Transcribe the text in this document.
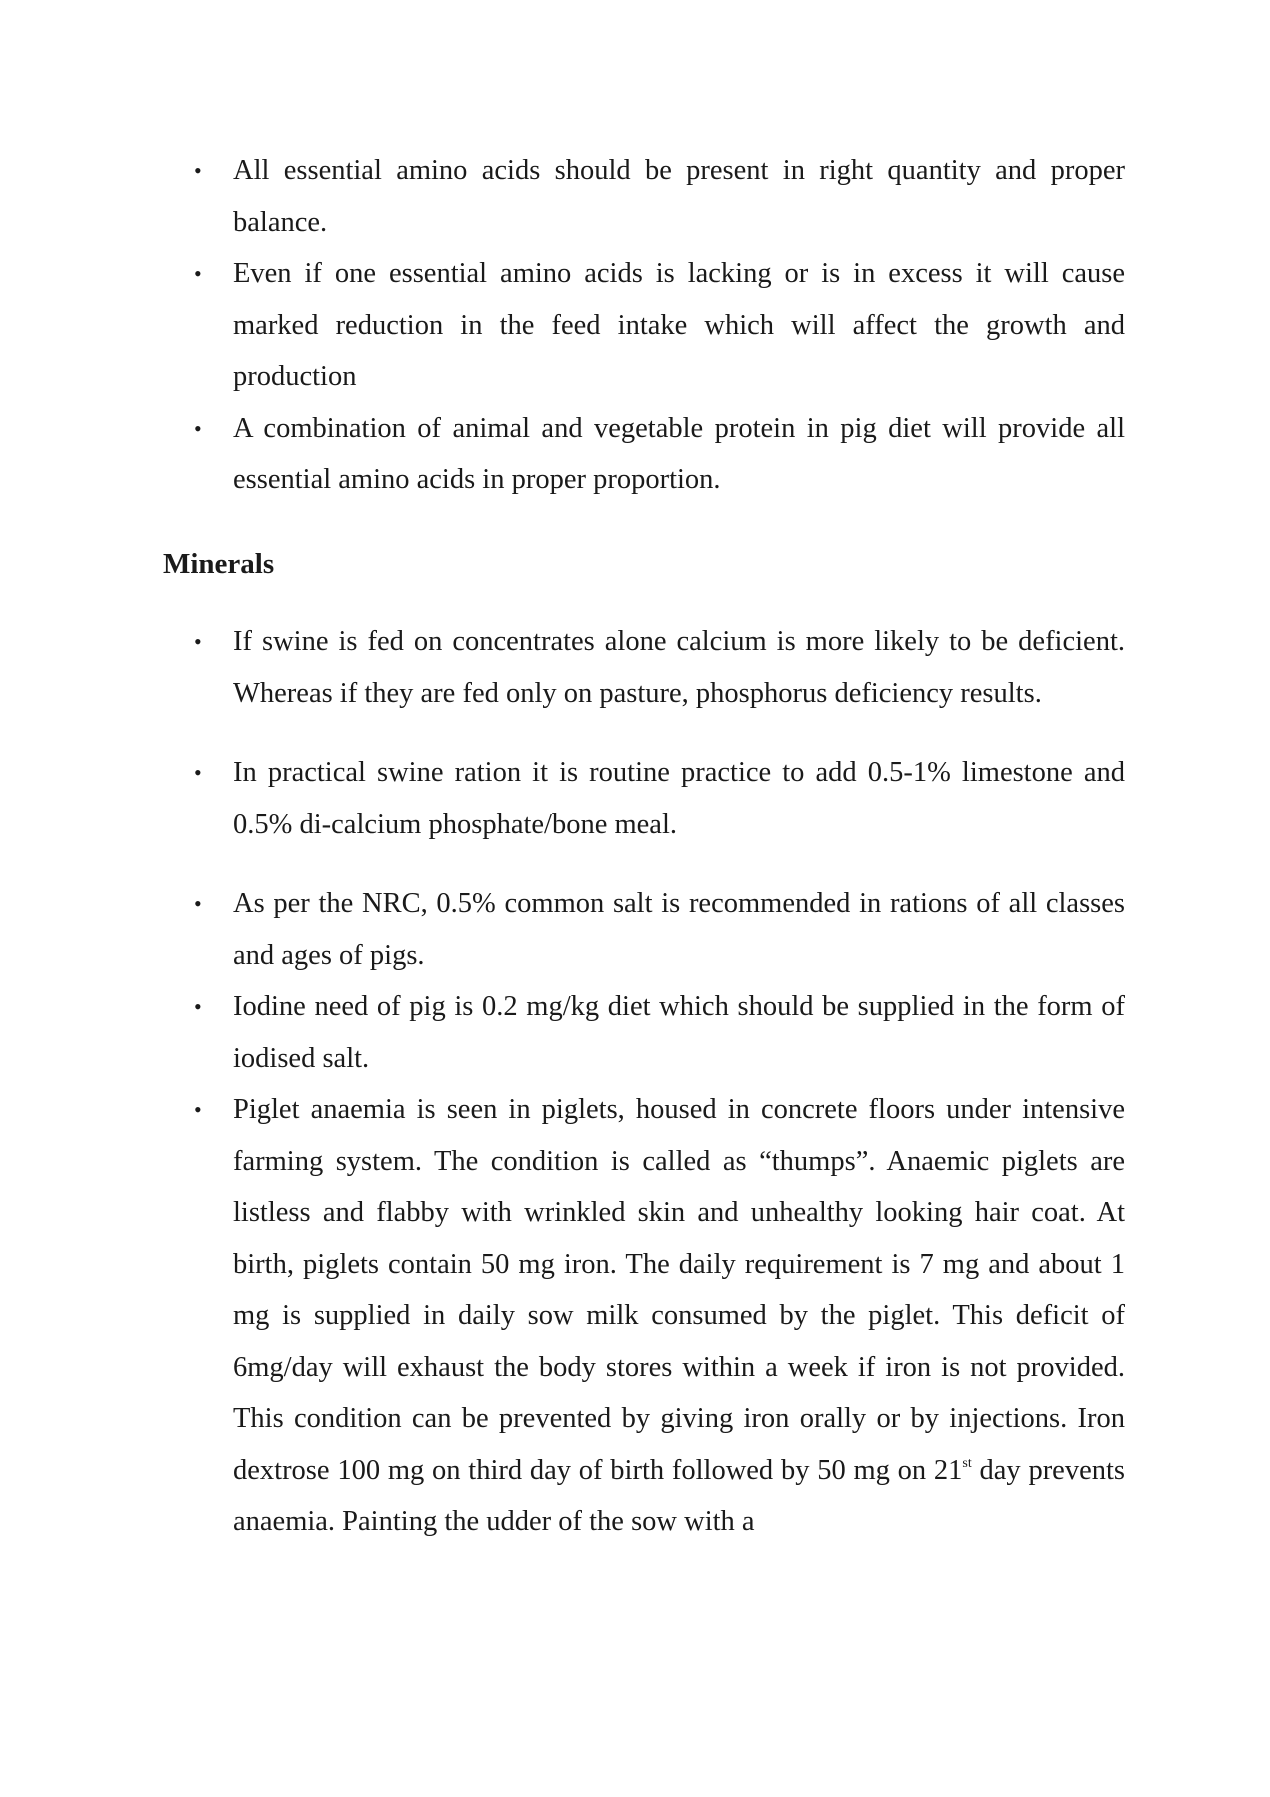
• All essential amino acids should be present in right quantity and proper balance.
• Even if one essential amino acids is lacking or is in excess it will cause marked reduction in the feed intake which will affect the growth and production
• A combination of animal and vegetable protein in pig diet will provide all essential amino acids in proper proportion.
Minerals
• If swine is fed on concentrates alone calcium is more likely to be deficient. Whereas if they are fed only on pasture, phosphorus deficiency results.
• In practical swine ration it is routine practice to add 0.5-1% limestone and 0.5% di-calcium phosphate/bone meal.
• As per the NRC, 0.5% common salt is recommended in rations of all classes and ages of pigs.
• Iodine need of pig is 0.2 mg/kg diet which should be supplied in the form of iodised salt.
• Piglet anaemia is seen in piglets, housed in concrete floors under intensive farming system. The condition is called as “thumps”. Anaemic piglets are listless and flabby with wrinkled skin and unhealthy looking hair coat. At birth, piglets contain 50 mg iron. The daily requirement is 7 mg and about 1 mg is supplied in daily sow milk consumed by the piglet. This deficit of 6mg/day will exhaust the body stores within a week if iron is not provided. This condition can be prevented by giving iron orally or by injections. Iron dextrose 100 mg on third day of birth followed by 50 mg on 21st day prevents anaemia. Painting the udder of the sow with a
